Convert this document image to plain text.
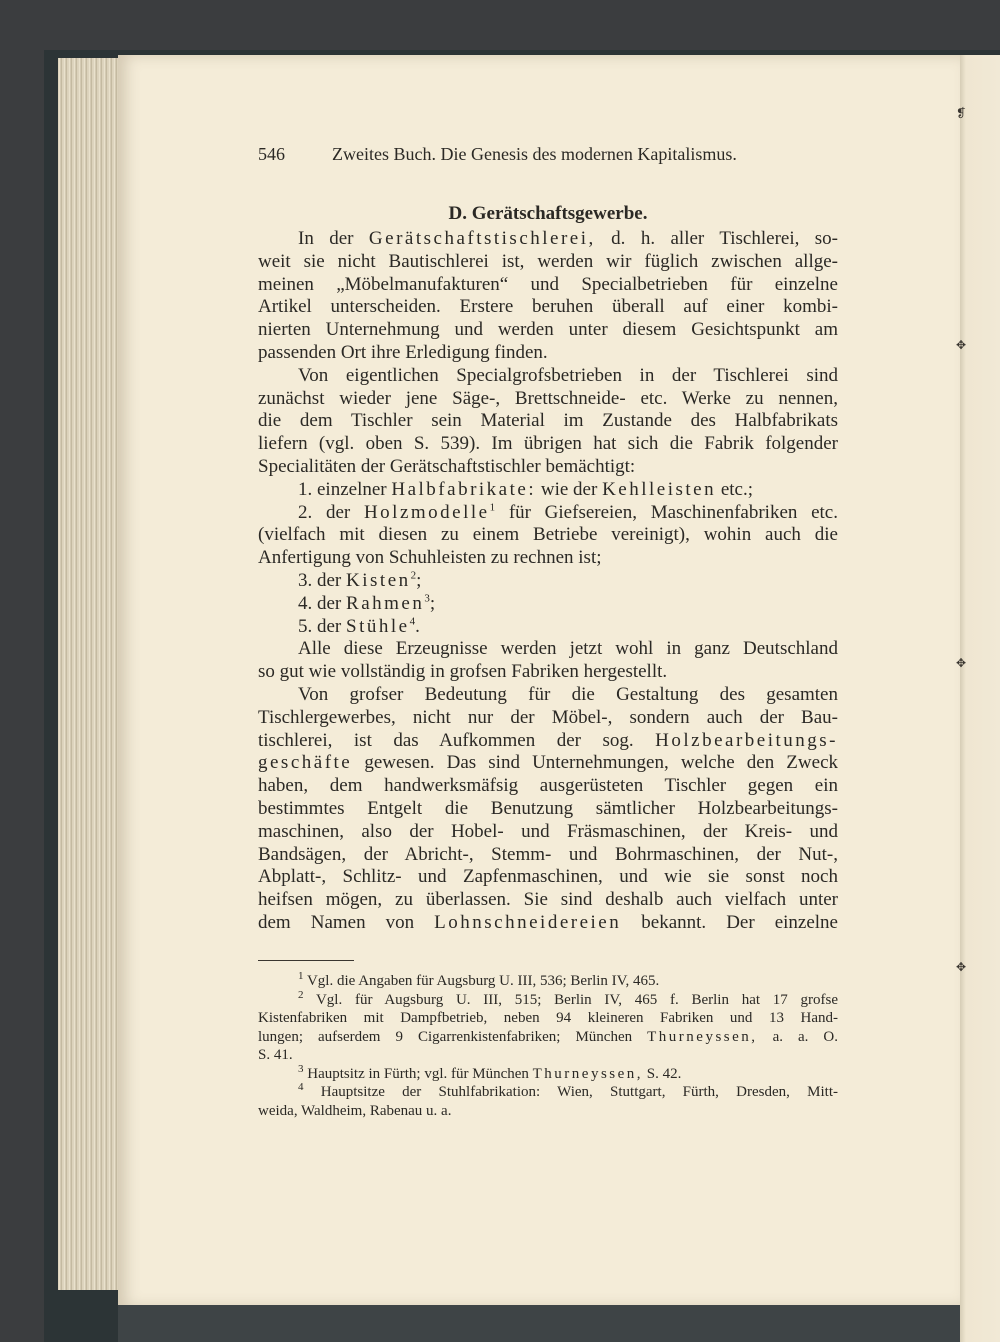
❡
✥
✥
✥
546	Zweites Buch. Die Genesis des modernen Kapitalismus.
D. Gerätschaftsgewerbe.
In der Gerätschaftstischlerei, d. h. aller Tischlerei, so-
weit sie nicht Bautischlerei ist, werden wir füglich zwischen allge-
meinen „Möbelmanufakturen“ und Specialbetrieben für einzelne
Artikel unterscheiden. Erstere beruhen überall auf einer kombi-
nierten Unternehmung und werden unter diesem Gesichtspunkt am
passenden Ort ihre Erledigung finden.
Von eigentlichen Specialgrofsbetrieben in der Tischlerei sind
zunächst wieder jene Säge-, Brettschneide- etc. Werke zu nennen,
die dem Tischler sein Material im Zustande des Halbfabrikats
liefern (vgl. oben S. 539). Im übrigen hat sich die Fabrik folgender
Specialitäten der Gerätschaftstischler bemächtigt:
1. einzelner Halbfabrikate: wie der Kehlleisten etc.;
2. der Holzmodelle$^1$ für Giefsereien, Maschinenfabriken etc.
(vielfach mit diesen zu einem Betriebe vereinigt), wohin auch die
Anfertigung von Schuhleisten zu rechnen ist;
3. der Kisten$^2$;
4. der Rahmen$^3$;
5. der Stühle$^4$.
Alle diese Erzeugnisse werden jetzt wohl in ganz Deutschland
so gut wie vollständig in grofsen Fabriken hergestellt.
Von grofser Bedeutung für die Gestaltung des gesamten
Tischlergewerbes, nicht nur der Möbel-, sondern auch der Bau-
tischlerei, ist das Aufkommen der sog. Holzbearbeitungs-
geschäfte gewesen. Das sind Unternehmungen, welche den Zweck
haben, dem handwerksmäfsig ausgerüsteten Tischler gegen ein
bestimmtes Entgelt die Benutzung sämtlicher Holzbearbeitungs-
maschinen, also der Hobel- und Fräsmaschinen, der Kreis- und
Bandsägen, der Abricht-, Stemm- und Bohrmaschinen, der Nut-,
Abplatt-, Schlitz- und Zapfenmaschinen, und wie sie sonst noch
heifsen mögen, zu überlassen. Sie sind deshalb auch vielfach unter
dem Namen von Lohnschneidereien bekannt. Der einzelne
$^1$ Vgl. die Angaben für Augsburg U. III, 536; Berlin IV, 465.
$^2$ Vgl. für Augsburg U. III, 515; Berlin IV, 465 f. Berlin hat 17 grofse
Kistenfabriken mit Dampfbetrieb, neben 94 kleineren Fabriken und 13 Hand-
lungen; aufserdem 9 Cigarrenkistenfabriken; München Thurneyssen, a. a. O.
S. 41.
$^3$ Hauptsitz in Fürth; vgl. für München Thurneyssen, S. 42.
$^4$ Hauptsitze der Stuhlfabrikation: Wien, Stuttgart, Fürth, Dresden, Mitt-
weida, Waldheim, Rabenau u. a.
